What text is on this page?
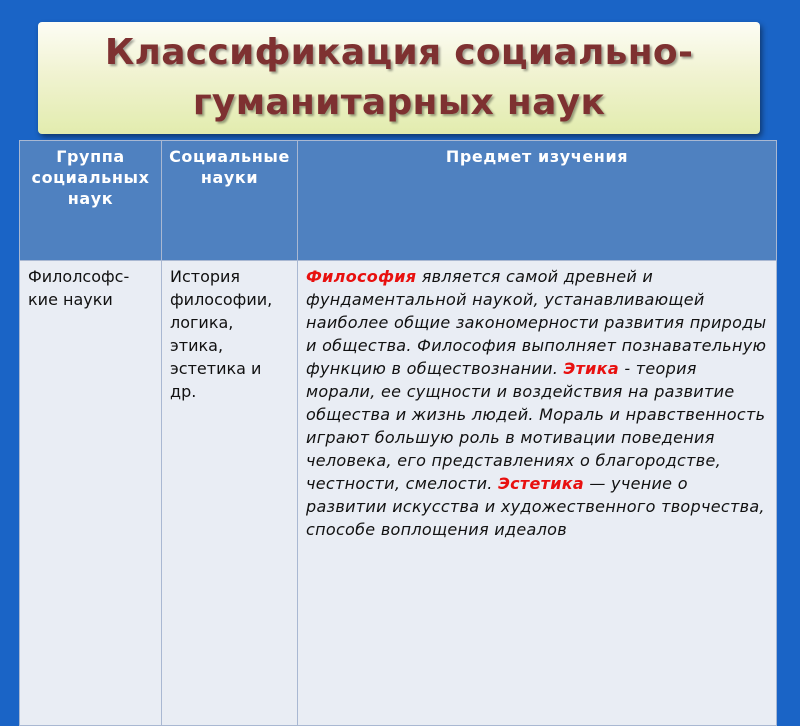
Классификация социально-
гуманитарных наук
Группа социальных наук	Социальные науки	Предмет изучения

Филолсофс-кие науки	История философии, логика, этика, эстетика и др.	Философия является самой древней и фундаментальной наукой, устанавливающей наиболее общие закономерности развития природы и общества. Философия выполняет познавательную функцию в обществознании. Этика - теория морали, ее сущности и воздействия на развитие общества и жизнь людей. Мораль и нравственность играют большую роль в мотивации поведения человека, его представлениях о благородстве, честности, смелости. Эстетика — учение о развитии искусства и художественного творчества, способе воплощения идеалов
